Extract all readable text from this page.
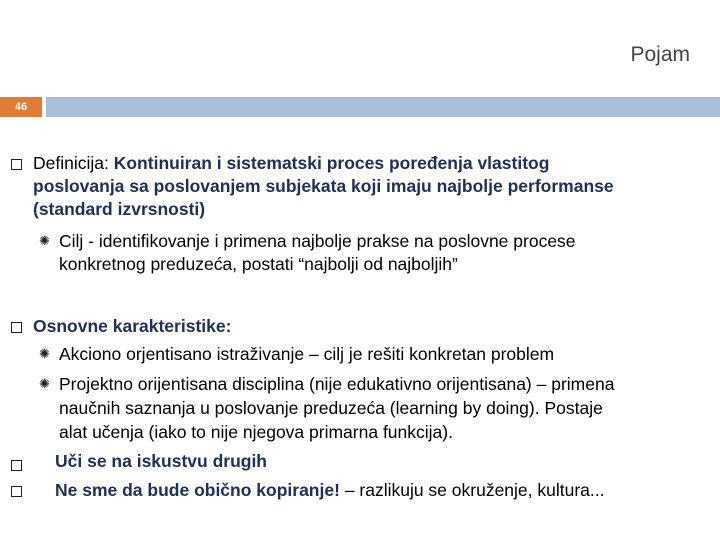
Pojam
46
Definicija: Kontinuiran i sistematski proces poređenja vlastitog
poslovanja sa poslovanjem subjekata koji imaju najbolje performanse
(standard izvrsnosti)
✺ Cilj - identifikovanje i primena najbolje prakse na poslovne procese
konkretnog preduzeća, postati “najbolji od najboljih”
Osnovne karakteristike:
✺ Akciono orjentisano istraživanje – cilj je rešiti konkretan problem
✺ Projektno orijentisana disciplina (nije edukativno orijentisana) – primena
naučnih saznanja u poslovanje preduzeća (learning by doing). Postaje
alat učenja (iako to nije njegova primarna funkcija).
Uči se na iskustvu drugih
Ne sme da bude obično kopiranje! – razlikuju se okruženje, kultura...
